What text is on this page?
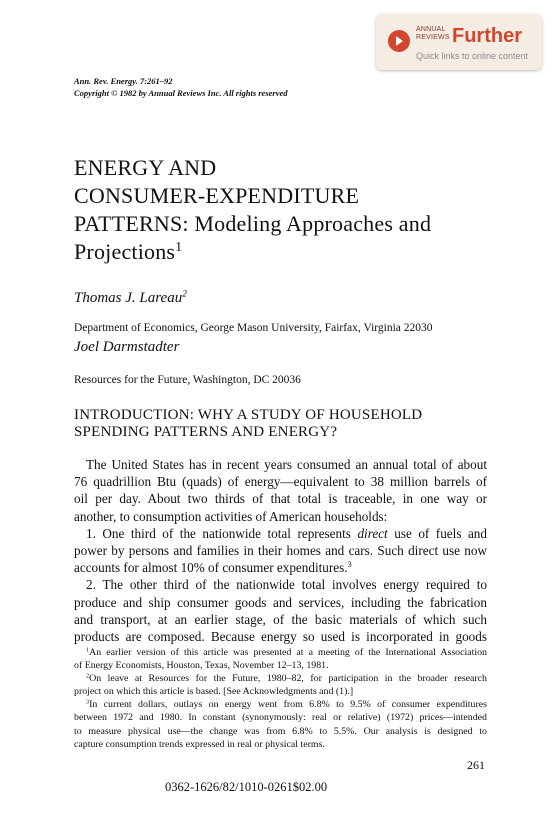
ANNUAL
REVIEWS Further
Quick links to online content
Ann. Rev. Energy. 7:261–92
Copyright © 1982 by Annual Reviews Inc. All rights reserved
ENERGY AND
CONSUMER-EXPENDITURE
PATTERNS: Modeling Approaches and
Projections$^1$
Thomas J. Lareau$^2$
Department of Economics, George Mason University, Fairfax, Virginia 22030
Joel Darmstadter
Resources for the Future, Washington, DC 20036
INTRODUCTION: WHY A STUDY OF HOUSEHOLD
SPENDING PATTERNS AND ENERGY?
The United States has in recent years consumed an annual total of about
76 quadrillion Btu (quads) of energy—equivalent to 38 million barrels of
oil per day. About two thirds of that total is traceable, in one way or
another, to consumption activities of American households:
1. One third of the nationwide total represents direct use of fuels and
power by persons and families in their homes and cars. Such direct use now
accounts for almost 10% of consumer expenditures.$^3$
2. The other third of the nationwide total involves energy required to
produce and ship consumer goods and services, including the fabrication
and transport, at an earlier stage, of the basic materials of which such
products are composed. Because energy so used is incorporated in goods
$^1$An earlier version of this article was presented at a meeting of the International Association
of Energy Economists, Houston, Texas, November 12–13, 1981.
$^2$On leave at Resources for the Future, 1980–82, for participation in the broader research
project on which this article is based. [See Acknowledgments and (1).]
$^3$In current dollars, outlays on energy went from 6.8% to 9.5% of consumer expenditures
between 1972 and 1980. In constant (synonymously: real or relative) (1972) prices—intended
to measure physical use—the change was from 6.8% to 5.5%. Our analysis is designed to
capture consumption trends expressed in real or physical terms.
261
0362-1626/82/1010-0261$02.00
